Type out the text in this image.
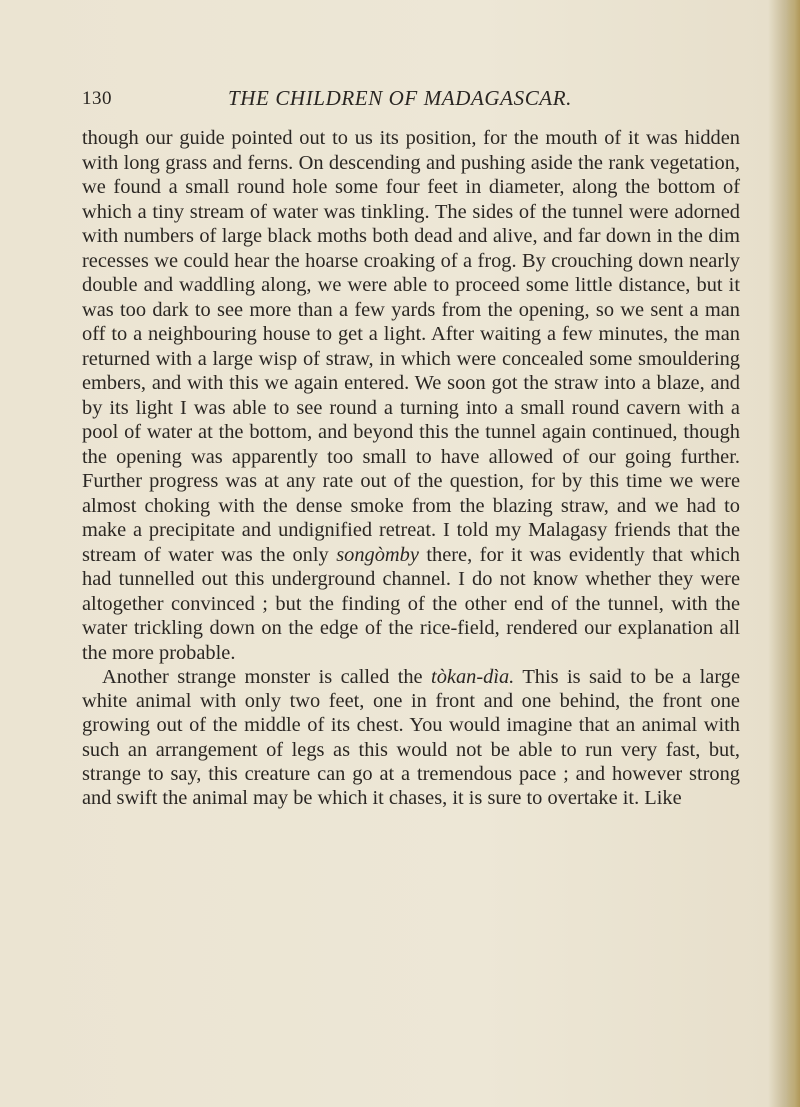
130	THE CHILDREN OF MADAGASCAR.

though our guide pointed out to us its position, for the mouth of it was hidden with long grass and ferns. On descending and pushing aside the rank vegetation, we found a small round hole some four feet in diameter, along the bottom of which a tiny stream of water was tinkling. The sides of the tunnel were adorned with numbers of large black moths both dead and alive, and far down in the dim recesses we could hear the hoarse croaking of a frog. By crouching down nearly double and waddling along, we were able to proceed some little distance, but it was too dark to see more than a few yards from the opening, so we sent a man off to a neighbouring house to get a light. After waiting a few minutes, the man returned with a large wisp of straw, in which were concealed some smouldering embers, and with this we again entered. We soon got the straw into a blaze, and by its light I was able to see round a turning into a small round cavern with a pool of water at the bottom, and beyond this the tunnel again continued, though the opening was apparently too small to have allowed of our going further. Further progress was at any rate out of the question, for by this time we were almost choking with the dense smoke from the blazing straw, and we had to make a precipitate and undignified retreat. I told my Malagasy friends that the stream of water was the only songòmby there, for it was evidently that which had tunnelled out this underground channel. I do not know whether they were altogether convinced ; but the finding of the other end of the tunnel, with the water trickling down on the edge of the rice-field, rendered our explanation all the more probable.

Another strange monster is called the tòkan-dìa. This is said to be a large white animal with only two feet, one in front and one behind, the front one growing out of the middle of its chest. You would imagine that an animal with such an arrangement of legs as this would not be able to run very fast, but, strange to say, this creature can go at a tremendous pace ; and however strong and swift the animal may be which it chases, it is sure to overtake it. Like
